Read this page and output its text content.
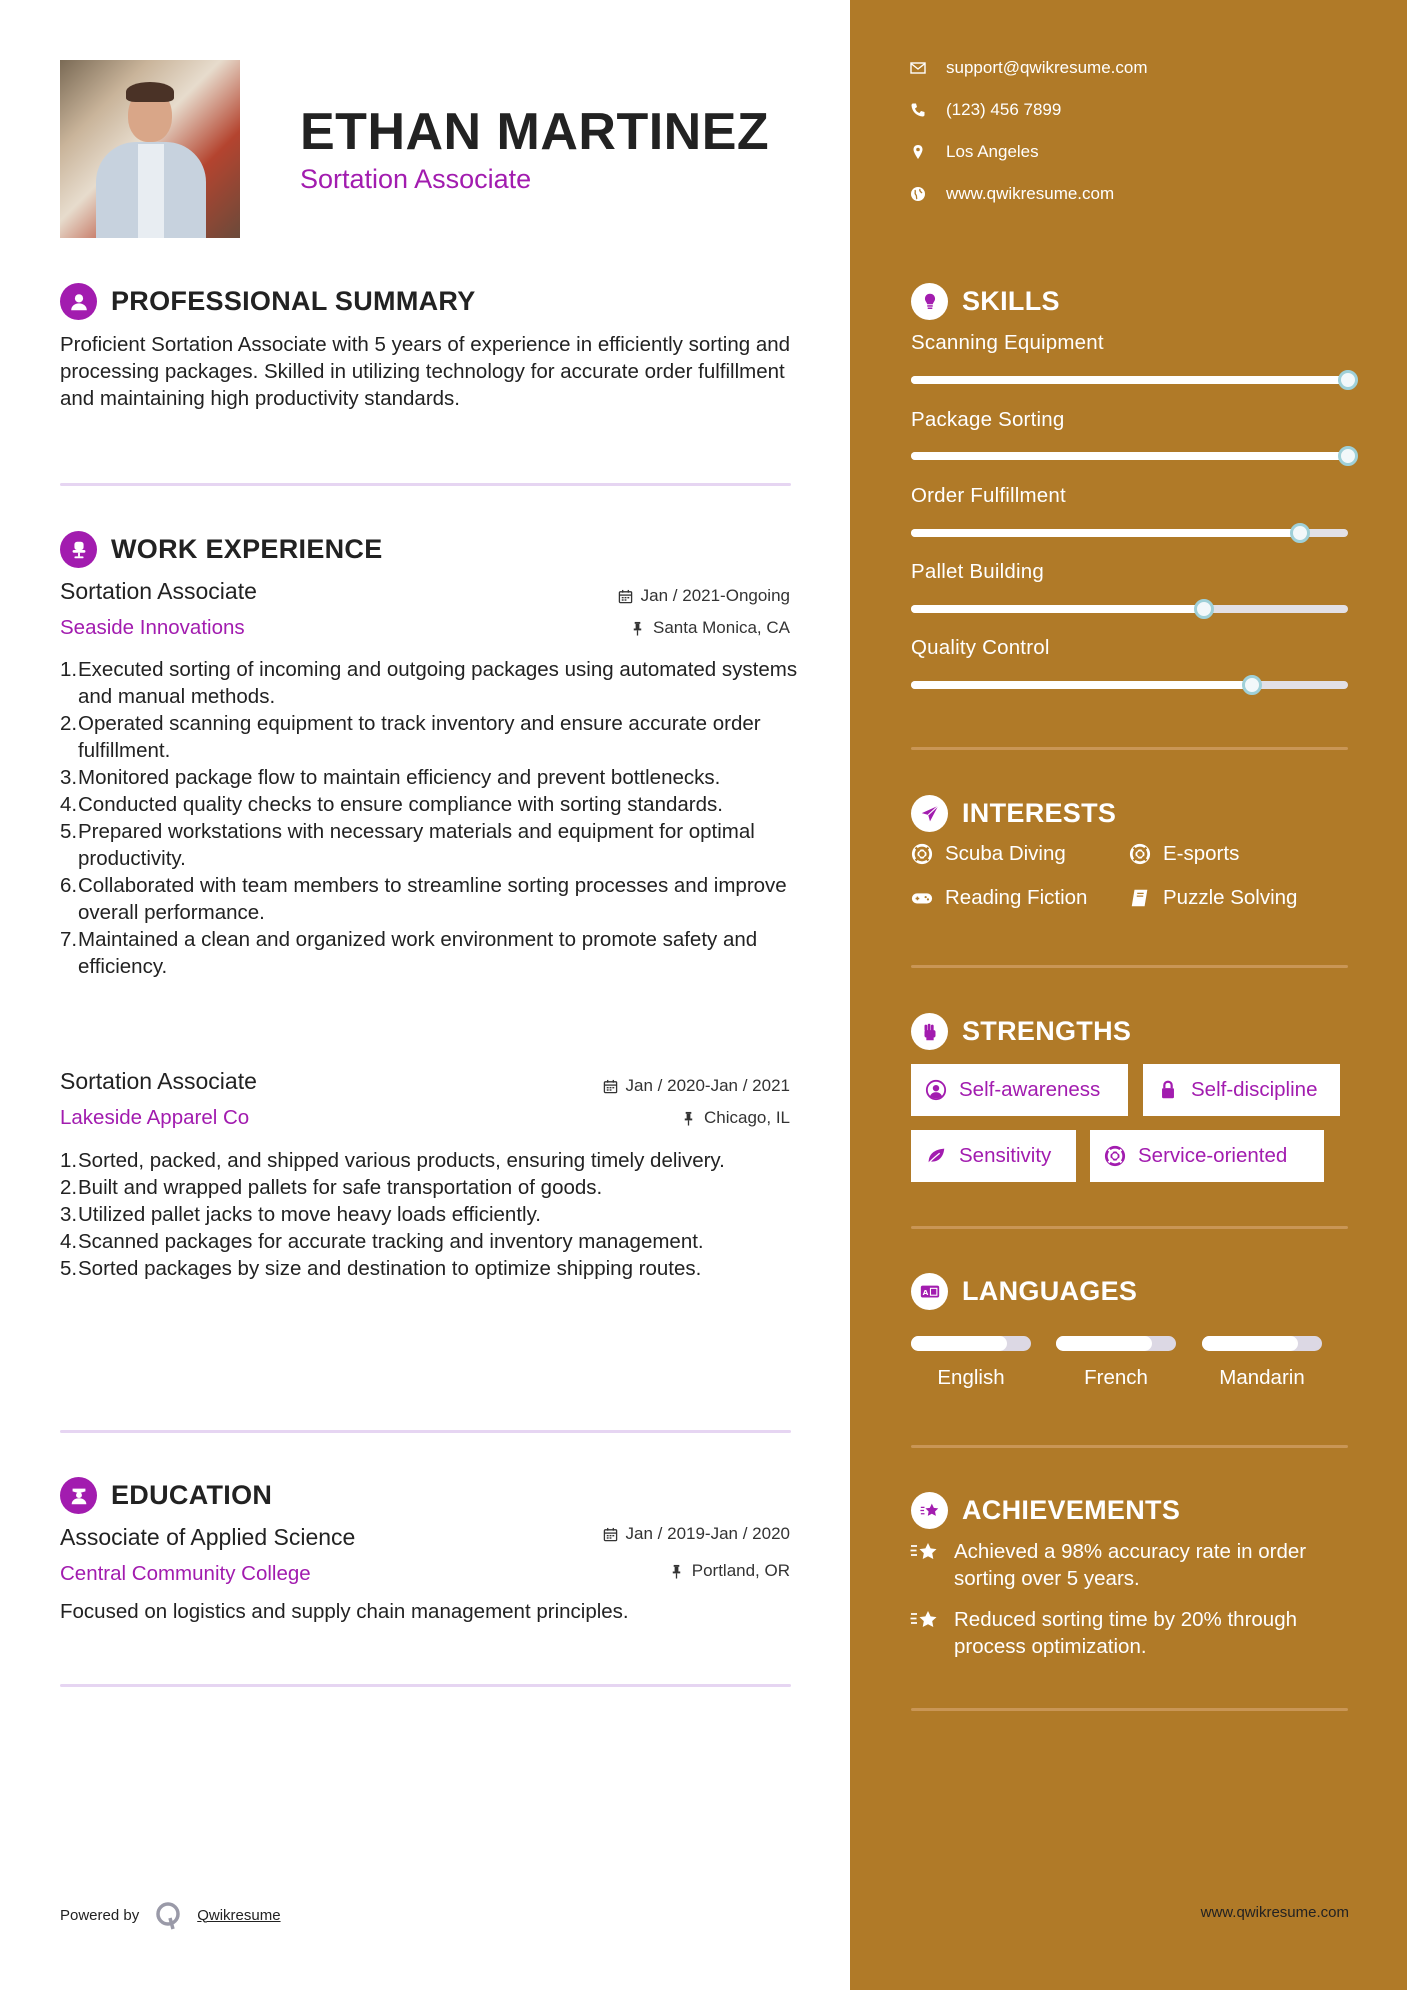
ETHAN MARTINEZ
Sortation Associate
PROFESSIONAL SUMMARY
Proficient Sortation Associate with 5 years of experience in efficiently sorting and processing packages. Skilled in utilizing technology for accurate order fulfillment and maintaining high productivity standards.
WORK EXPERIENCE
Sortation Associate	Jan / 2021-Ongoing
Seaside Innovations	Santa Monica, CA
Executed sorting of incoming and outgoing packages using automated systems and manual methods.
Operated scanning equipment to track inventory and ensure accurate order fulfillment.
Monitored package flow to maintain efficiency and prevent bottlenecks.
Conducted quality checks to ensure compliance with sorting standards.
Prepared workstations with necessary materials and equipment for optimal productivity.
Collaborated with team members to streamline sorting processes and improve overall performance.
Maintained a clean and organized work environment to promote safety and efficiency.
Sortation Associate	Jan / 2020-Jan / 2021
Lakeside Apparel Co	Chicago, IL
Sorted, packed, and shipped various products, ensuring timely delivery.
Built and wrapped pallets for safe transportation of goods.
Utilized pallet jacks to move heavy loads efficiently.
Scanned packages for accurate tracking and inventory management.
Sorted packages by size and destination to optimize shipping routes.
EDUCATION
Associate of Applied Science	Jan / 2019-Jan / 2020
Central Community College	Portland, OR
Focused on logistics and supply chain management principles.
Powered by	Qwikresume
support@qwikresume.com
(123) 456 7899
Los Angeles
www.qwikresume.com
SKILLS
Scanning Equipment
Package Sorting
Order Fulfillment
Pallet Building
Quality Control
INTERESTS
Scuba Diving	E-sports
Reading Fiction	Puzzle Solving
STRENGTHS
Self-awareness	Self-discipline
Sensitivity	Service-oriented
A LANGUAGES
English	French	Mandarin
ACHIEVEMENTS
Achieved a 98% accuracy rate in order sorting over 5 years.
Reduced sorting time by 20% through process optimization.
www.qwikresume.com
